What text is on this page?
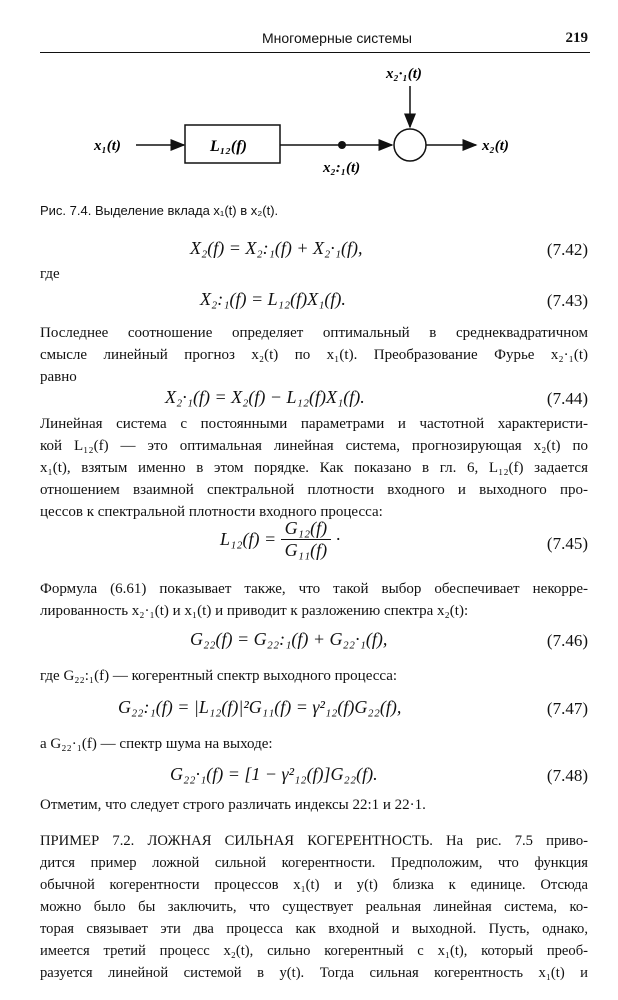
Многомерные системы	219
x₁(t)	L₁₂(f)
x₂:₁(t)
x₂·₁(t)
x₂(t)
Рис. 7.4. Выделение вклада x₁(t) в x₂(t).
X₂(f) = X₂:₁(f) + X₂·₁(f),	(7.42)
где
X₂:₁(f) = L₁₂(f)X₁(f).	(7.43)
Последнее соотношение определяет оптимальный в среднеквадратичном
смысле линейный прогноз x₂(t) по x₁(t). Преобразование Фурье x₂·₁(t)
равно
X₂·₁(f) = X₂(f) − L₁₂(f)X₁(f).	(7.44)
Линейная система с постоянными параметрами и частотной характеристи-
кой L₁₂(f) — это оптимальная линейная система, прогнозирующая x₂(t) по
x₁(t), взятым именно в этом порядке. Как показано в гл. 6, L₁₂(f) задается
отношением взаимной спектральной плотности входного и выходного про-
цессов к спектральной плотности входного процесса:
$L_{12}(f) = \frac{\text{G₁₂(f)}}{\text{G₁₁(f)}}$ ·	(7.45)
Формула (6.61) показывает также, что такой выбор обеспечивает некорре-
лированность x₂·₁(t) и x₁(t) и приводит к разложению спектра x₂(t):
G₂₂(f) = G₂₂:₁(f) + G₂₂·₁(f),	(7.46)
где G₂₂:₁(f) — когерентный спектр выходного процесса:
G₂₂:₁(f) = |L₁₂(f)|²G₁₁(f) = γ²₁₂(f)G₂₂(f),	(7.47)
а G₂₂·₁(f) — спектр шума на выходе:
G₂₂·₁(f) = [1 − γ²₁₂(f)]G₂₂(f).	(7.48)
Отметим, что следует строго различать индексы 22:1 и 22·1.
ПРИМЕР 7.2. ЛОЖНАЯ СИЛЬНАЯ КОГЕРЕНТНОСТЬ. На рис. 7.5 приво-
дится пример ложной сильной когерентности. Предположим, что функция
обычной когерентности процессов x₁(t) и y(t) близка к единице. Отсюда
можно было бы заключить, что существует реальная линейная система, ко-
торая связывает эти два процесса как входной и выходной. Пусть, однако,
имеется третий процесс x₂(t), сильно когерентный с x₁(t), который преоб-
разуется линейной системой в y(t). Тогда сильная когерентность x₁(t) и
